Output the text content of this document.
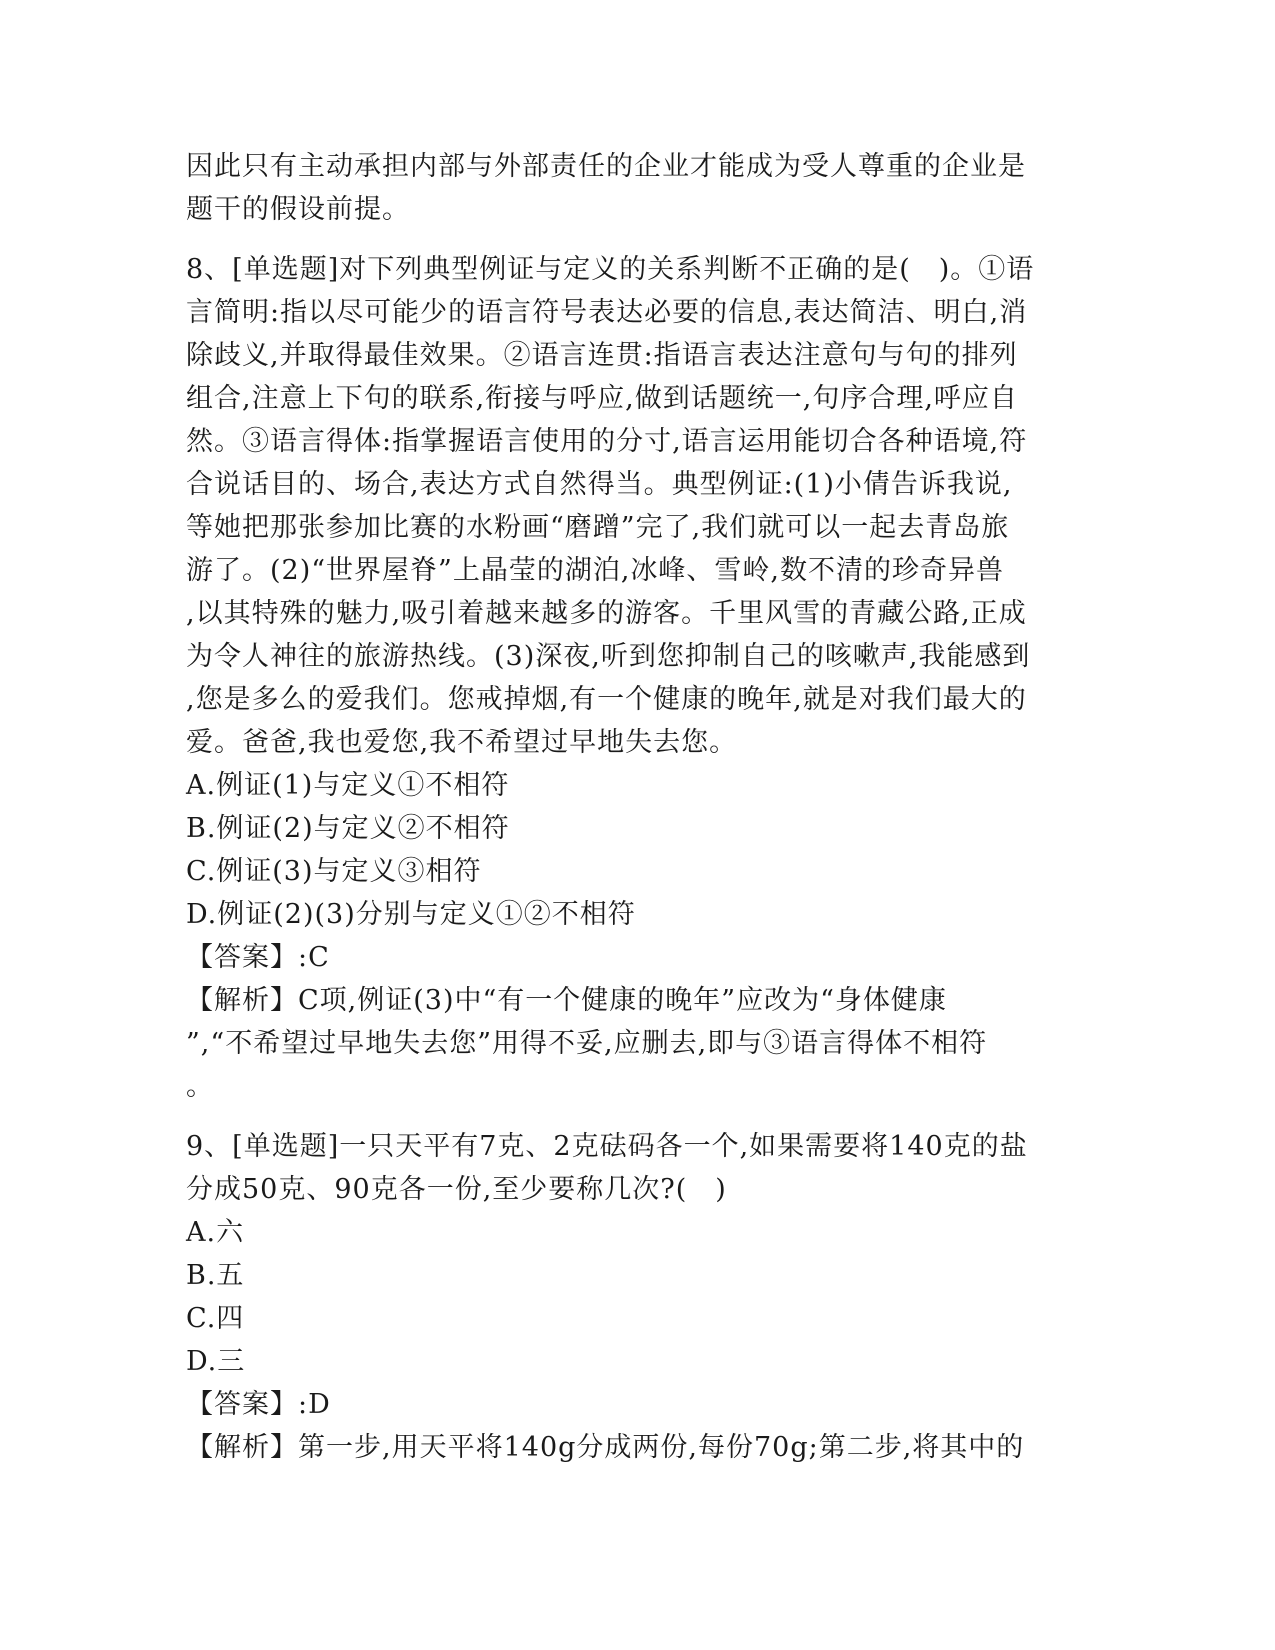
因此只有主动承担内部与外部责任的企业才能成为受人尊重的企业是
题干的假设前提。
8、[单选题]对下列典型例证与定义的关系判断不正确的是(　)。①语
言简明:指以尽可能少的语言符号表达必要的信息,表达简洁、明白,消
除歧义,并取得最佳效果。②语言连贯:指语言表达注意句与句的排列
组合,注意上下句的联系,衔接与呼应,做到话题统一,句序合理,呼应自
然。③语言得体:指掌握语言使用的分寸,语言运用能切合各种语境,符
合说话目的、场合,表达方式自然得当。典型例证:(1)小倩告诉我说,
等她把那张参加比赛的水粉画“磨蹭”完了,我们就可以一起去青岛旅
游了。(2)“世界屋脊”上晶莹的湖泊,冰峰、雪岭,数不清的珍奇异兽
,以其特殊的魅力,吸引着越来越多的游客。千里风雪的青藏公路,正成
为令人神往的旅游热线。(3)深夜,听到您抑制自己的咳嗽声,我能感到
,您是多么的爱我们。您戒掉烟,有一个健康的晚年,就是对我们最大的
爱。爸爸,我也爱您,我不希望过早地失去您。
A.例证(1)与定义①不相符
B.例证(2)与定义②不相符
C.例证(3)与定义③相符
D.例证(2)(3)分别与定义①②不相符
【答案】:C
【解析】C项,例证(3)中“有一个健康的晚年”应改为“身体健康
”,“不希望过早地失去您”用得不妥,应删去,即与③语言得体不相符
。
9、[单选题]一只天平有7克、2克砝码各一个,如果需要将140克的盐
分成50克、90克各一份,至少要称几次?(　)
A.六
B.五
C.四
D.三
【答案】:D
【解析】第一步,用天平将140g分成两份,每份70g;第二步,将其中的
